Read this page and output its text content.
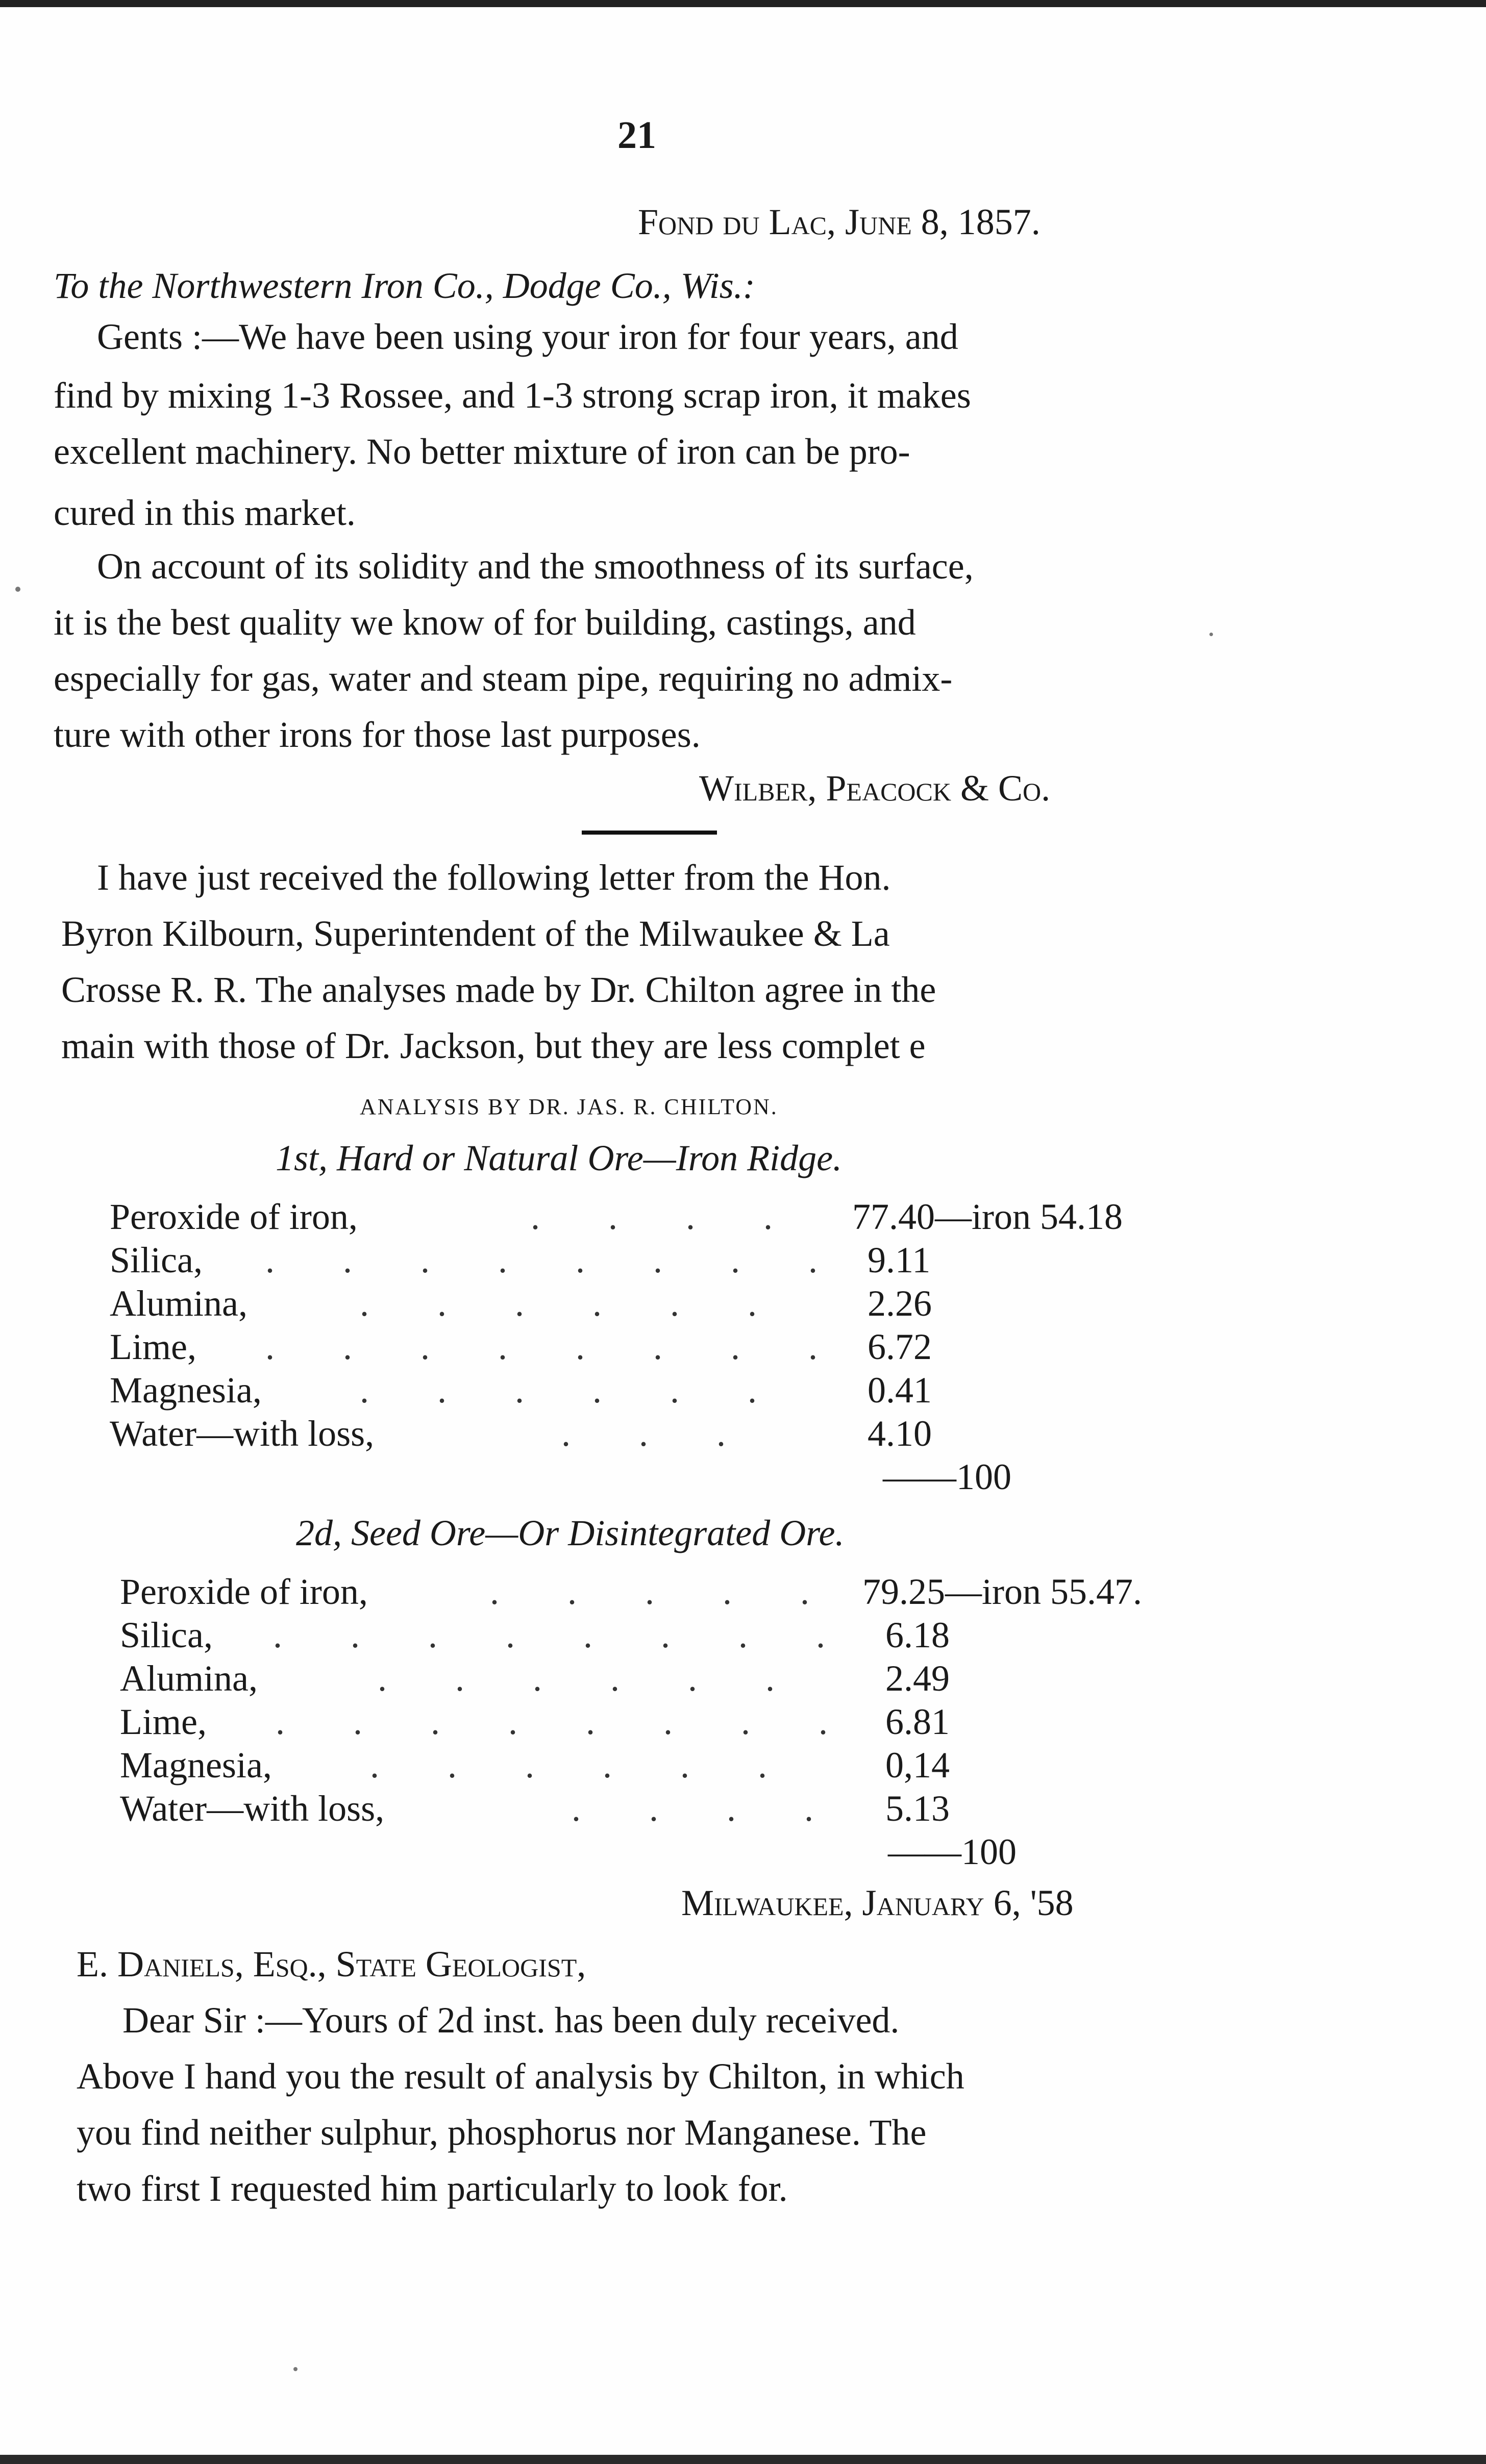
21
Fond du Lac, June 8, 1857.
To the Northwestern Iron Co., Dodge Co., Wis.:
Gents :—We have been using your iron for four years, and
find by mixing 1-3 Rossee, and 1-3 strong scrap iron, it makes
excellent machinery. No better mixture of iron can be pro-
cured in this market.
On account of its solidity and the smoothness of its surface,
it is the best quality we know of for building, castings, and
especially for gas, water and steam pipe, requiring no admix-
ture with other irons for those last purposes.
Wilber, Peacock & Co.
I have just received the following letter from the Hon.
Byron Kilbourn, Superintendent of the Milwaukee & La
Crosse R. R. The analyses made by Dr. Chilton agree in the
main with those of Dr. Jackson, but they are less complet e
ANALYSIS BY DR. JAS. R. CHILTON.
1st, Hard or Natural Ore—Iron Ridge.
Peroxide of iron,	. . . . 77.40—iron 54.18
Silica, . . . . . . . . 9.11
Alumina,	. . . . . . 2.26
Lime, . . . . . . . . 6.72
Magnesia,	. . . . . . 0.41
Water—with loss,	. . .	4.10
——100
2d, Seed Ore—Or Disintegrated Ore.
Peroxide of iron,	. . . . . 79.25—iron 55.47.
Silica, . . . . . . . . 6.18
Alumina,	. . . . . . 2.49
Lime, . . . . . . . . 6.81
Magnesia,	. . . . . . 0,14
Water—with loss,	. . . . 5.13
——100
Milwaukee, January 6, '58
E. Daniels, Esq., State Geologist,
Dear Sir :—Yours of 2d inst. has been duly received.
Above I hand you the result of analysis by Chilton, in which
you find neither sulphur, phosphorus nor Manganese. The
two first I requested him particularly to look for.
